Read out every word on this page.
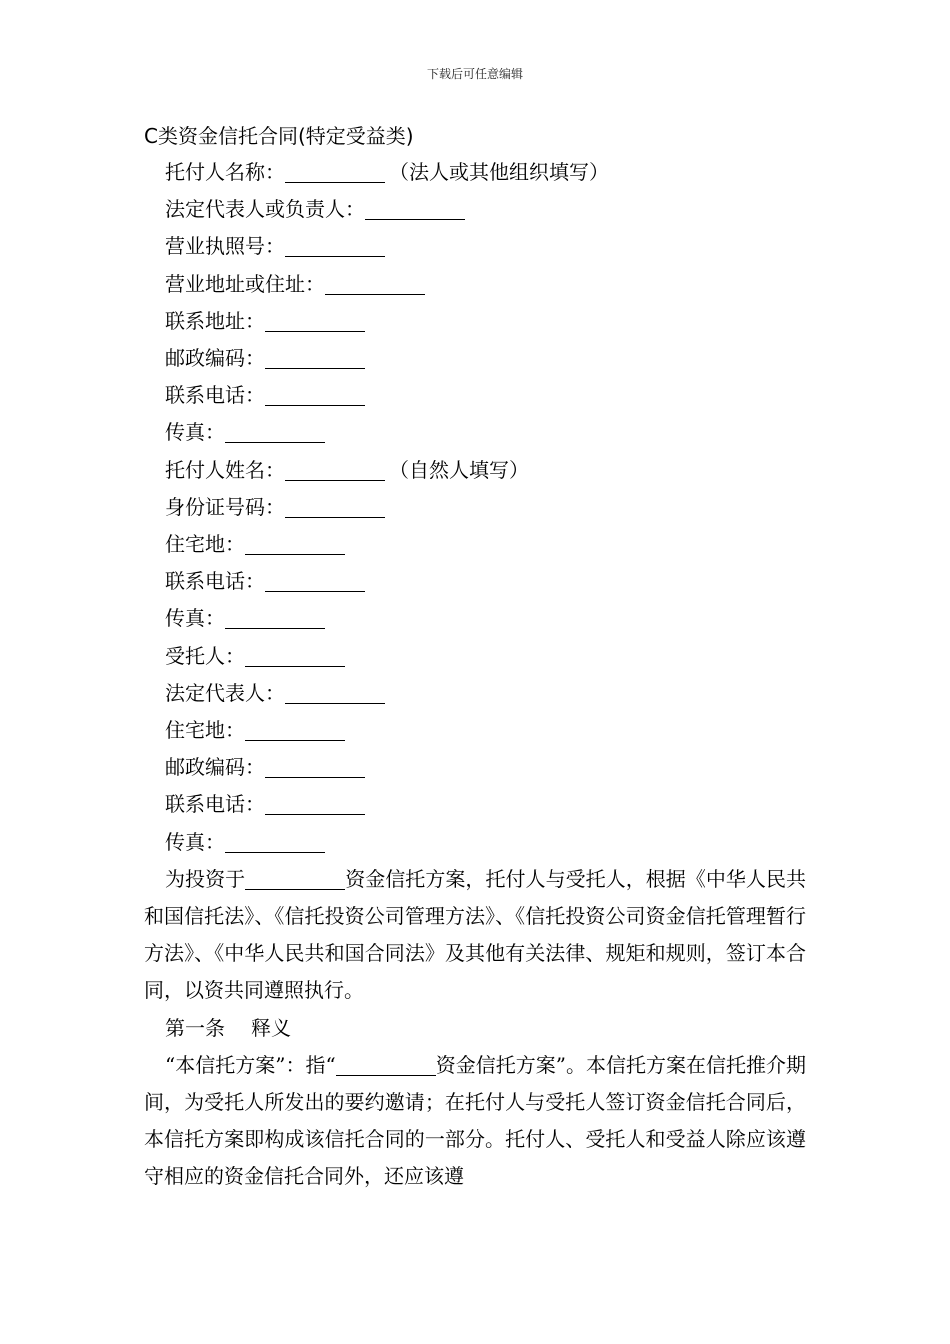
下载后可任意编辑
C类资金信托合同(特定受益类)
托付人名称：	（法人或其他组织填写）
法定代表人或负责人：
营业执照号：
营业地址或住址：
联系地址：
邮政编码：
联系电话：
传真：
托付人姓名：	（自然人填写）
身份证号码：
住宅地：
联系电话：
传真：
受托人：
法定代表人：
住宅地：
邮政编码：
联系电话：
传真：

为投资于	资金信托方案，托付人与受托人，根据《中华人民共和国信托法》、《信托投资公司管理方法》、《信托投资公司资金信托管理暂行方法》、《中华人民共和国合同法》及其他有关法律、规矩和规则，签订本合同，以资共同遵照执行。

第一条 释义

“本信托方案”：指“	资金信托方案”。本信托方案在信托推介期间，为受托人所发出的要约邀请；在托付人与受托人签订资金信托合同后，本信托方案即构成该信托合同的一部分。托付人、受托人和受益人除应该遵守相应的资金信托合同外，还应该遵
